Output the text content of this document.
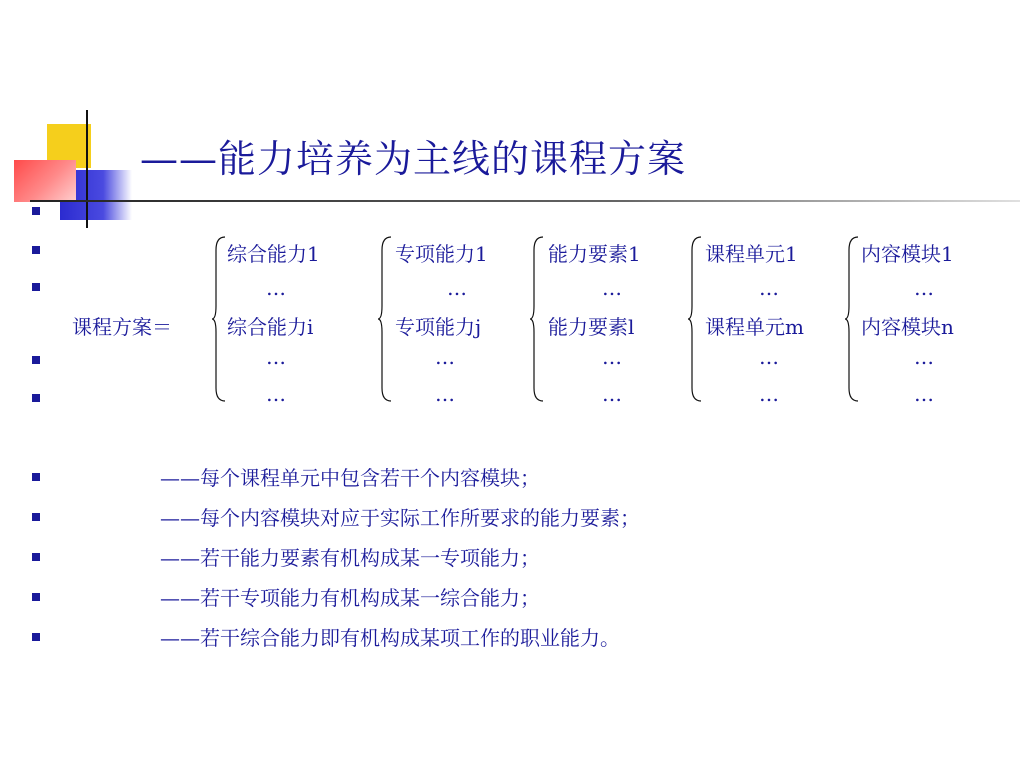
——能力培养为主线的课程方案
课程方案＝
综合能力1
…
综合能力i
…
…
专项能力1
…
专项能力j
…
…
能力要素1
…
能力要素l
…
…
课程单元1
…
课程单元m
…
…
内容模块1
…
内容模块n
…
…
——每个课程单元中包含若干个内容模块；
——每个内容模块对应于实际工作所要求的能力要素；
——若干能力要素有机构成某一专项能力；
——若干专项能力有机构成某一综合能力；
——若干综合能力即有机构成某项工作的职业能力。
